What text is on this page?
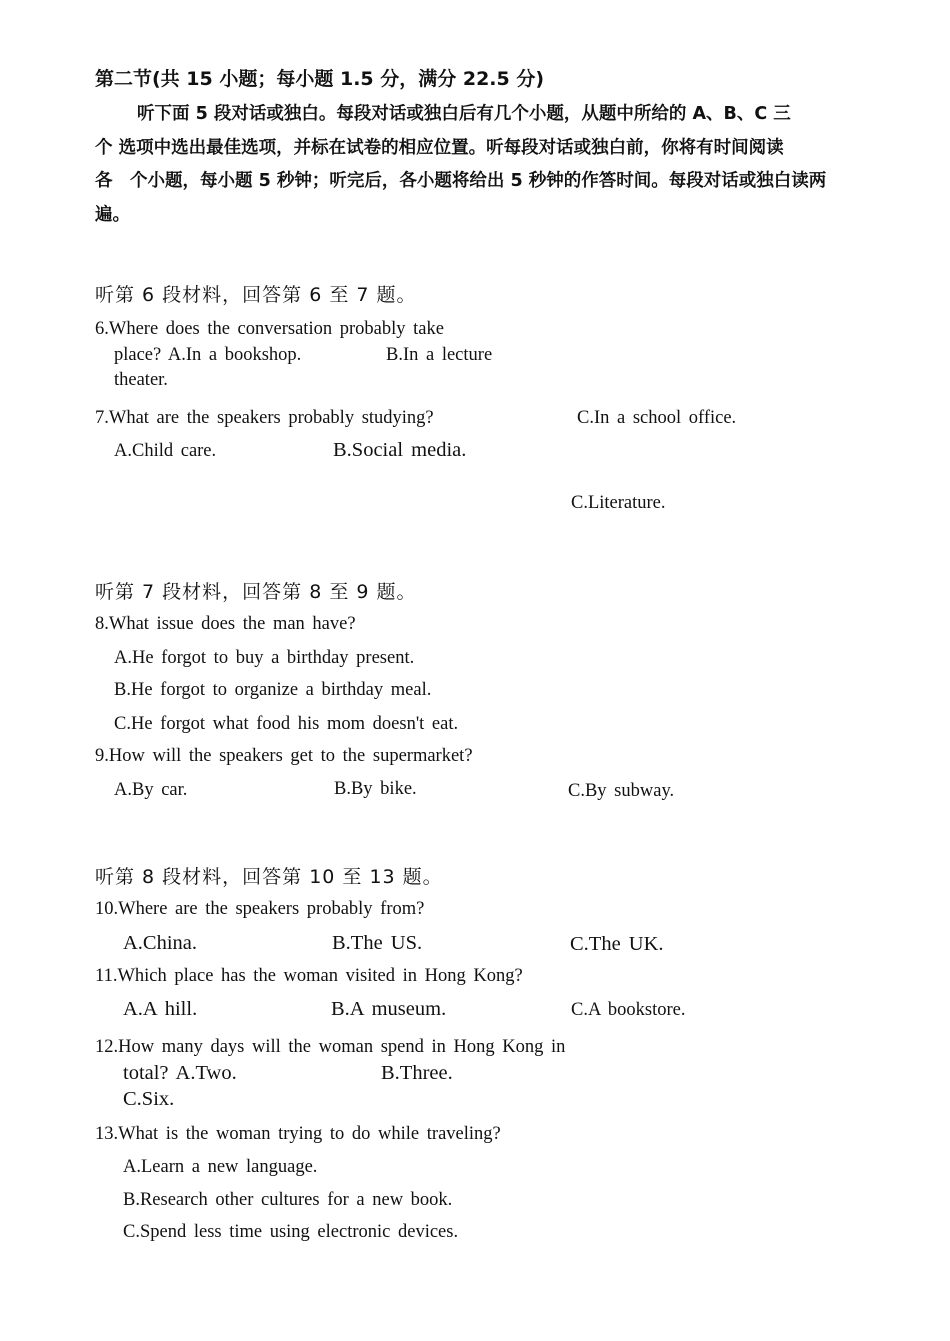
第二节(共 15 小题；每小题 1.5 分，满分 22.5 分)
听下面 5 段对话或独白。每段对话或独白后有几个小题，从题中所给的 A、B、C 三
个 选项中选出最佳选项，并标在试卷的相应位置。听每段对话或独白前，你将有时间阅读
各　个小题，每小题 5 秒钟；听完后，各小题将给出 5 秒钟的作答时间。每段对话或独白读两
遍。
听第 6 段材料，回答第 6 至 7 题。
6.Where does the conversation probably take
place? A.In a bookshop.	B.In a lecture
theater.
C.In a school office.
7.What are the speakers probably studying?
A.Child care.	B.Social media.
C.Literature.
听第 7 段材料，回答第 8 至 9 题。
8.What issue does the man have?
A.He forgot to buy a birthday present.
B.He forgot to organize a birthday meal.
C.He forgot what food his mom doesn't eat.
9.How will the speakers get to the supermarket?
A.By car.	B.By bike.	C.By subway.
听第 8 段材料，回答第 10 至 13 题。
10.Where are the speakers probably from?
A.China.	B.The US.	C.The UK.
11.Which place has the woman visited in Hong Kong?
A.A hill.	B.A museum.	C.A bookstore.
12.How many days will the woman spend in Hong Kong in
total? A.Two.	B.Three.
C.Six.
13.What is the woman trying to do while traveling?
A.Learn a new language.
B.Research other cultures for a new book.
C.Spend less time using electronic devices.
